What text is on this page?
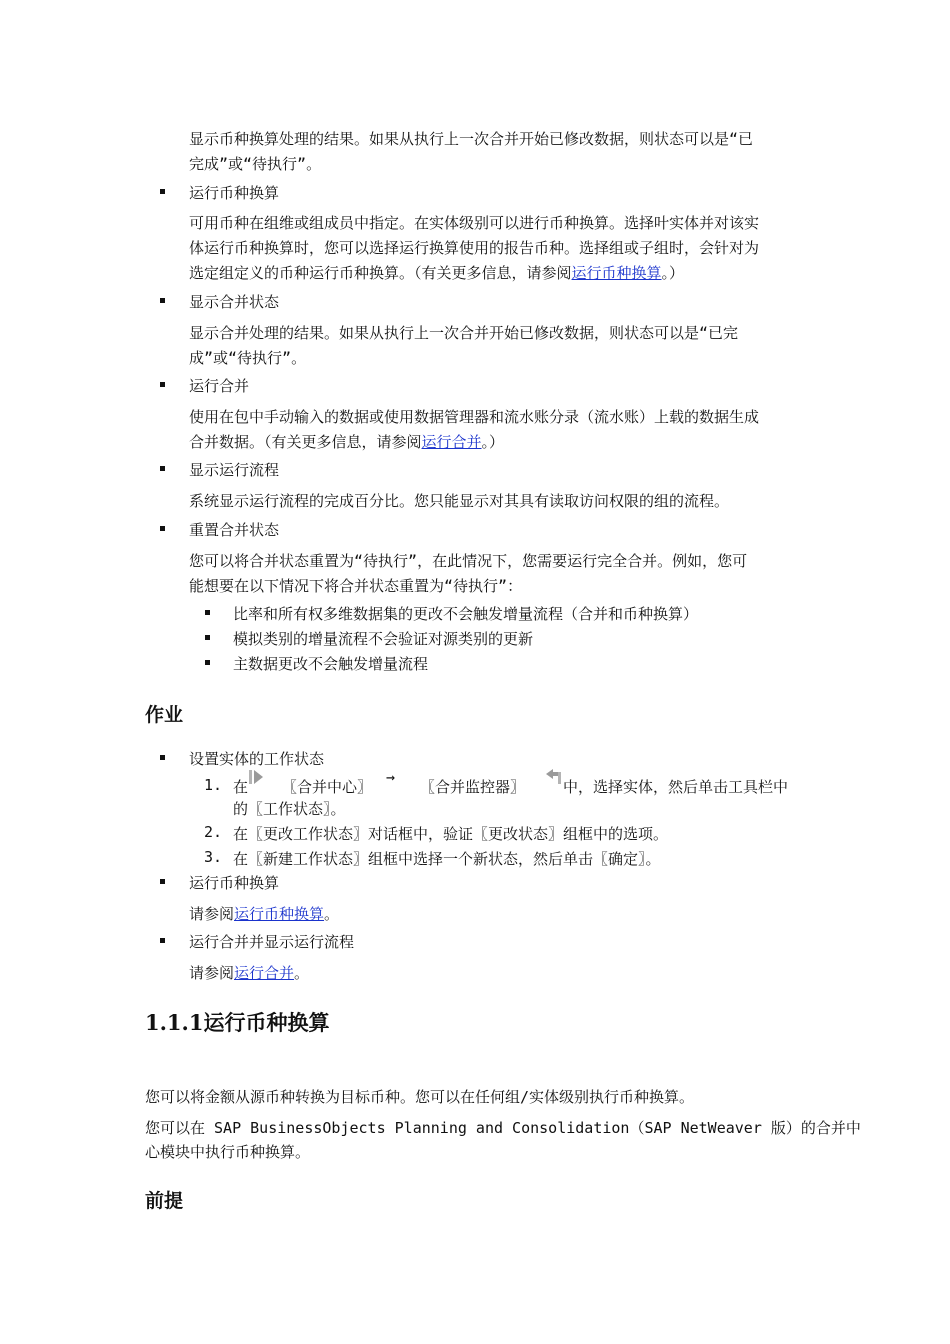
显示币种换算处理的结果。如果从执行上一次合并开始已修改数据，则状态可以是“已
完成”或“待执行”。
运行币种换算
可用币种在组维或组成员中指定。在实体级别可以进行币种换算。选择叶实体并对该实
体运行币种换算时，您可以选择运行换算使用的报告币种。选择组或子组时，会针对为
选定组定义的币种运行币种换算。（有关更多信息，请参阅运行币种换算。）
显示合并状态
显示合并处理的结果。如果从执行上一次合并开始已修改数据，则状态可以是“已完
成”或“待执行”。
运行合并
使用在包中手动输入的数据或使用数据管理器和流水账分录（流水账）上载的数据生成
合并数据。（有关更多信息，请参阅运行合并。）
显示运行流程
系统显示运行流程的完成百分比。您只能显示对其具有读取访问权限的组的流程。
重置合并状态
您可以将合并状态重置为“待执行”，在此情况下，您需要运行完全合并。例如，您可
能想要在以下情况下将合并状态重置为“待执行”：
比率和所有权多维数据集的更改不会触发增量流程（合并和币种换算）
模拟类别的增量流程不会验证对源类别的更新
主数据更改不会触发增量流程
作业
设置实体的工作状态
1. 在 〖合并中心〗
→
〖合并监控器〗	中，选择实体，然后单击工具栏中
的〖工作状态〗。
2. 在〖更改工作状态〗对话框中，验证〖更改状态〗组框中的选项。
3. 在〖新建工作状态〗组框中选择一个新状态，然后单击〖确定〗。
运行币种换算
请参阅运行币种换算。
运行合并并显示运行流程
请参阅运行合并。
1.1.1运行币种换算
您可以将金额从源币种转换为目标币种。您可以在任何组/实体级别执行币种换算。
您可以在 SAP BusinessObjects Planning and Consolidation（SAP NetWeaver 版）的合并中
心模块中执行币种换算。
前提
